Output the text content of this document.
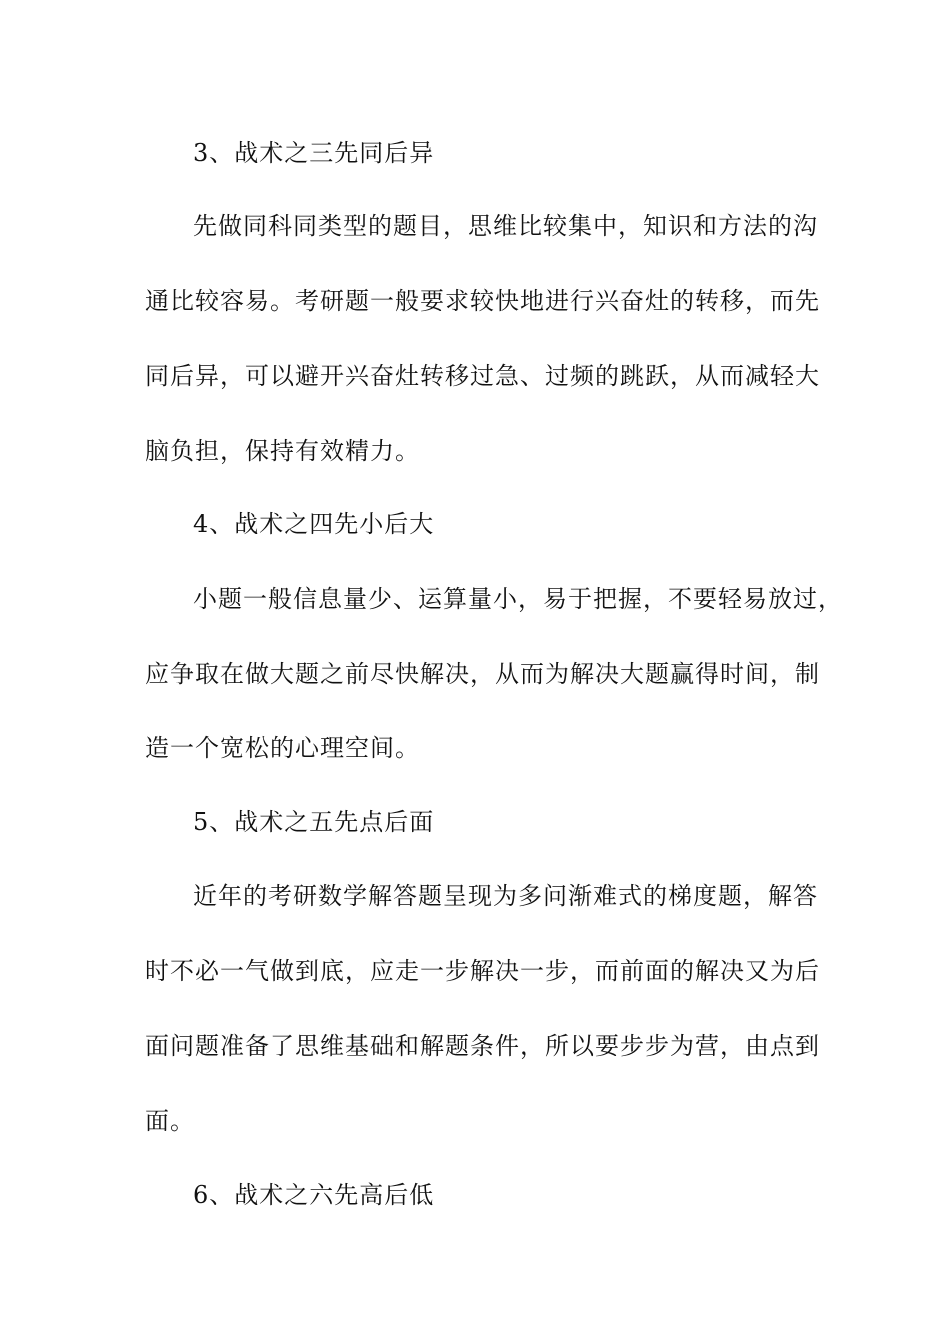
3、战术之三先同后异
先做同科同类型的题目，思维比较集中，知识和方法的沟
通比较容易。考研题一般要求较快地进行兴奋灶的转移，而先
同后异，可以避开兴奋灶转移过急、过频的跳跃，从而减轻大
脑负担，保持有效精力。
4、战术之四先小后大
小题一般信息量少、运算量小，易于把握，不要轻易放过，
应争取在做大题之前尽快解决，从而为解决大题赢得时间，制
造一个宽松的心理空间。
5、战术之五先点后面
近年的考研数学解答题呈现为多问渐难式的梯度题，解答
时不必一气做到底，应走一步解决一步，而前面的解决又为后
面问题准备了思维基础和解题条件，所以要步步为营，由点到
面。
6、战术之六先高后低
